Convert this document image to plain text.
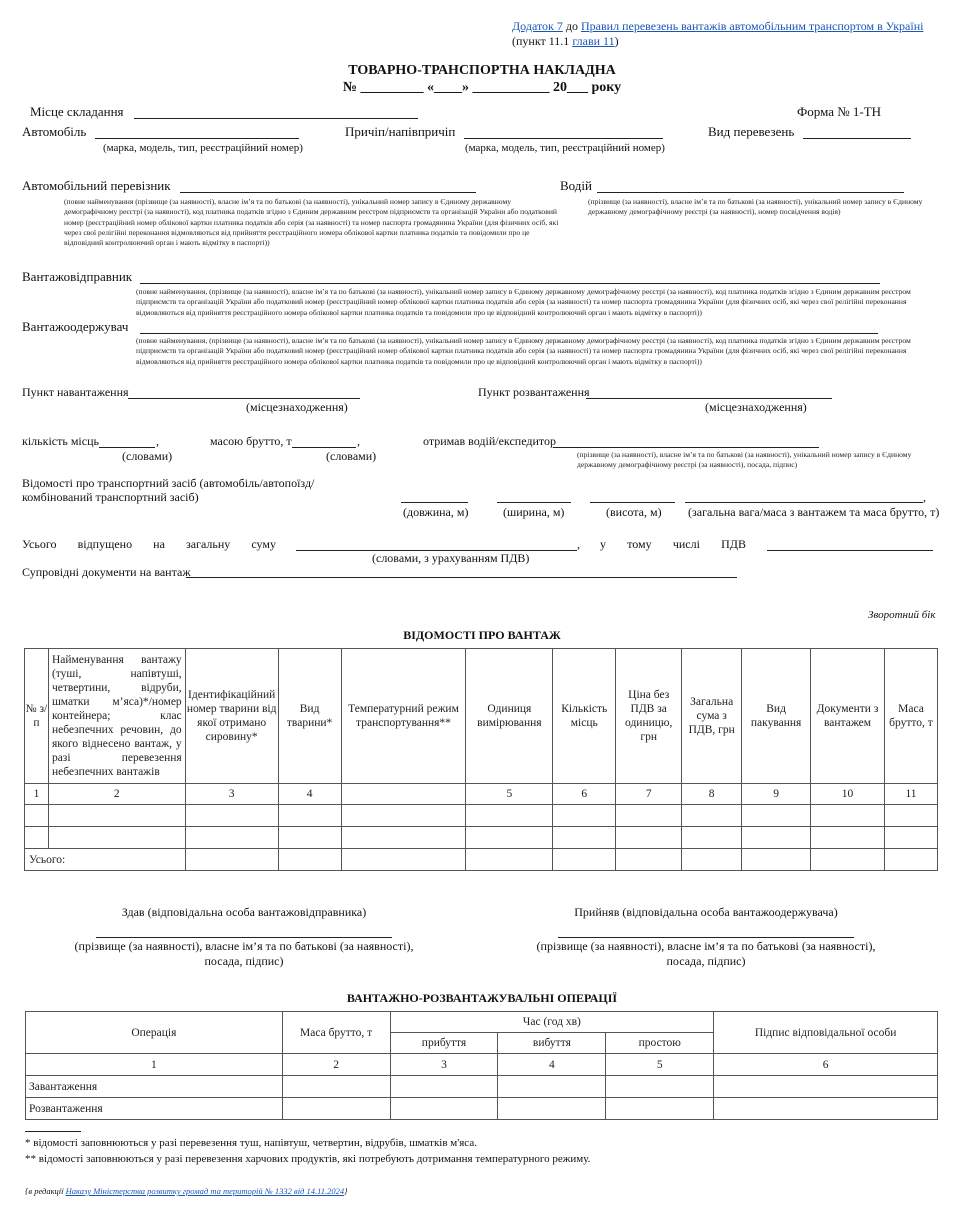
Додаток 7 до Правил перевезень вантажів автомобільним транспортом в Україні
(пункт 11.1 глави 11)
ТОВАРНО-ТРАНСПОРТНА НАКЛАДНА
№ _________ «____» ___________ 20___ року
Місце складання	Форма № 1-ТН
Автомобіль
(марка, модель, тип, реєстраційний номер)
Причіп/напівпричіп
(марка, модель, тип, реєстраційний номер)
Вид перевезень
Автомобільний перевізник
(повне найменування (прізвище (за наявності), власне ім’я та по батькові (за наявності), унікальний номер запису в Єдиному державному демографічному реєстрі (за наявності), код платника податків згідно з Єдиним державним реєстром підприємств та організацій України або податковий номер (реєстраційний номер облікової картки платника податків або серія (за наявності) та номер паспорта громадянина України (для фізичних осіб, які через свої релігійні переконання відмовляються від прийняття реєстраційного номера облікової картки платника податків та повідомили про це відповідний контролюючий орган і мають відмітку в паспорті))
Водій
(прізвище (за наявності), власне ім’я та по батькові (за наявності), унікальний номер запису в Єдиному державному демографічному реєстрі (за наявності), номер посвідчення водія)
Вантажовідправник
(повне найменування, (прізвище (за наявності), власне ім’я та по батькові (за наявності), унікальний номер запису в Єдиному державному демографічному реєстрі (за наявності), код платника податків згідно з Єдиним державним реєстром підприємств та організацій України або податковий номер (реєстраційний номер облікової картки платника податків або серія (за наявності) та номер паспорта громадянина України (для фізичних осіб, які через свої релігійні переконання відмовляються від прийняття реєстраційного номера облікової картки платника податків та повідомили про це відповідний контролюючий орган і мають відмітку в паспорті))
Вантажоодержувач
(повне найменування, (прізвище (за наявності), власне ім’я та по батькові (за наявності), унікальний номер запису в Єдиному державному демографічному реєстрі (за наявності), код платника податків згідно з Єдиним державним реєстром підприємств та організацій України або податковий номер (реєстраційний номер облікової картки платника податків або серія (за наявності) та номер паспорта громадянина України (для фізичних осіб, які через свої релігійні переконання відмовляються від прийняття реєстраційного номера облікової картки платника податків та повідомили про це відповідний контролюючий орган і мають відмітку в паспорті))
Пункт навантаження
(місцезнаходження)
Пункт розвантаження
(місцезнаходження)
кількість місць	,
(словами)
масою брутто, т	,
(словами)
отримав водій/експедитор
(прізвище (за наявності), власне ім’я та по батькові (за наявності), унікальний номер запису в Єдиному державному демографічному реєстрі (за наявності), посада, підпис)
Відомості про транспортний засіб (автомобіль/автопоїзд/комбінований транспортний засіб)
(довжина, м)	(ширина, м)	(висота, м)
,
(загальна вага/маса з вантажем та маса брутто, т)
Усього відпущено на загальну суму	,
(словами, з урахуванням ПДВ)
у тому числі ПДВ
Супровідні документи на вантаж
Зворотний бік
ВІДОМОСТІ ПРО ВАНТАЖ
№ з/п	Найменування вантажу (туші, напівтуші, четвертини, відруби, шматки м’яса)*/номер контейнера; клас небезпечних речовин, до якого віднесено вантаж, у разі перевезення небезпечних вантажів	Ідентифікаційний номер тварини від якої отримано сировину*	Вид тварини*	Температурний режим транспортування**	Одиниця вимірювання	Кількість місць	Ціна без ПДВ за одиницю, грн	Загальна сума з ПДВ, грн	Вид пакування	Документи з вантажем	Маса брутто, т
1	2	3	4		5	6	7	8	9	10	11

Усього:											
Здав (відповідальна особа вантажовідправника)
(прізвище (за наявності), власне ім’я та по батькові (за наявності),
посада, підпис)
Прийняв (відповідальна особа вантажоодержувача)
(прізвище (за наявності), власне ім’я та по батькові (за наявності),
посада, підпис)
ВАНТАЖНО-РОЗВАНТАЖУВАЛЬНІ ОПЕРАЦІЇ
Операція	Маса брутто, т	Час (год хв)			Підпис відповідальної особи
		прибуття	вибуття	простою	
1	2	3	4	5	6
Завантаження					
Розвантаження					
* відомості заповнюються у разі перевезення туш, напівтуш, четвертин, відрубів, шматків м'яса.
** відомості заповнюються у разі перевезення харчових продуктів, які потребують дотримання температурного режиму.
{в редакції Наказу Міністерства розвитку громад та територій № 1332 від 14.11.2024}
